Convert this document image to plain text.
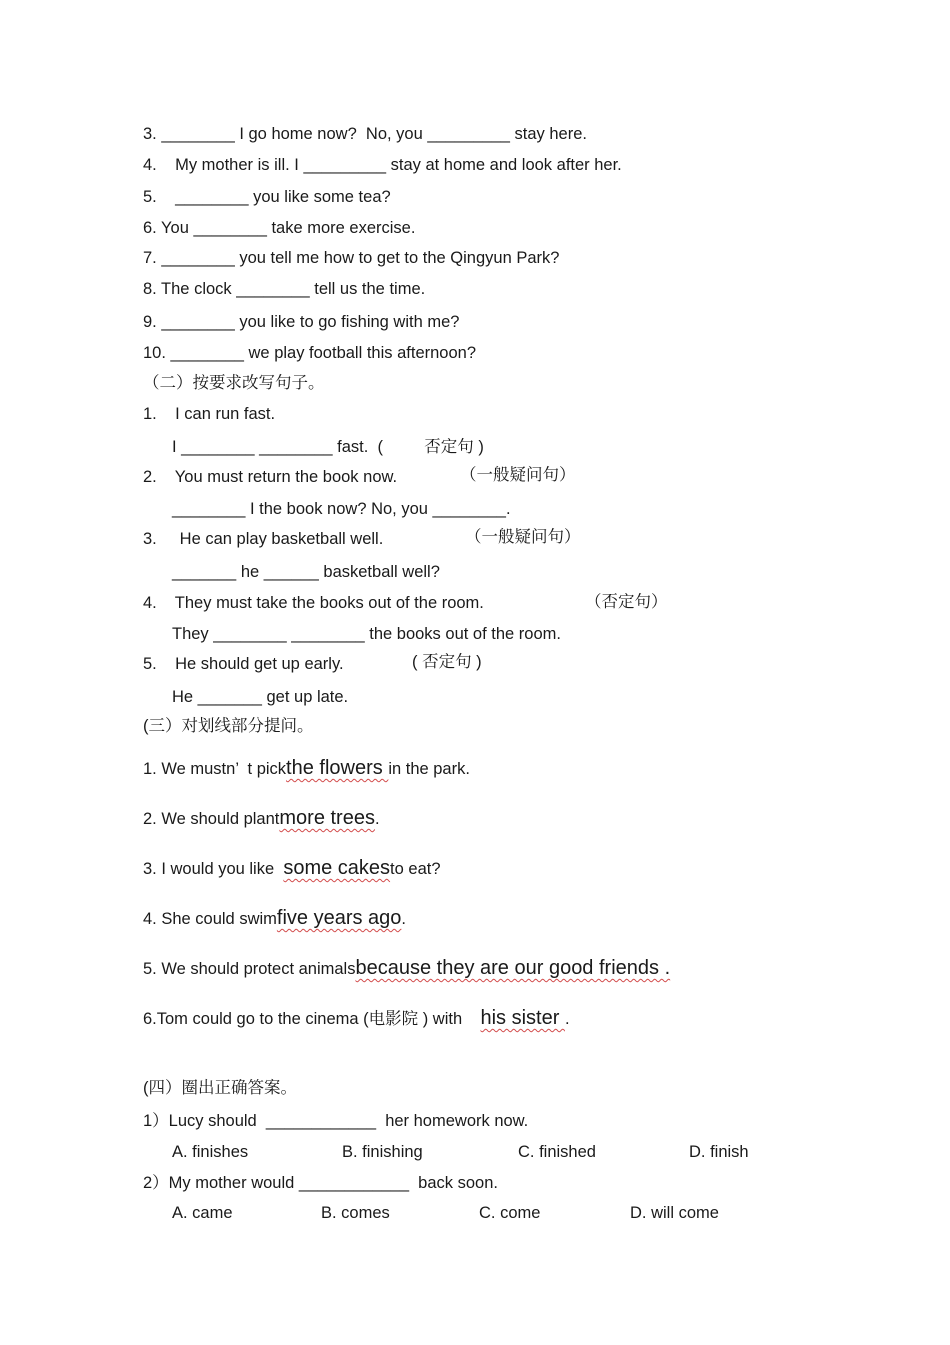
3. ________ I go home now?  No, you _________ stay here.
4.    My mother is ill. I _________ stay at home and look after her.
5.    ________ you like some tea?
6. You ________ take more exercise.
7. ________ you tell me how to get to the Qingyun Park?
8. The clock ________ tell us the time.
9. ________ you like to go fishing with me?
10. ________ we play football this afternoon?
（二）按要求改写句子。
1.    I can run fast.
I ________ ________ fast.  (         否定句 )
2.    You must return the book now.	（一般疑问句）
________ I the book now? No, you ________.
3.     He can play basketball well.	（一般疑问句）
_______ he ______ basketball well?
4.    They must take the books out of the room.	（否定句）
They ________ ________ the books out of the room.
5.    He should get up early.	( 否定句 )
He _______ get up late.
(三）对划线部分提问。
1. We mustn’  t pickthe flowers in the park.
2. We should plantmore trees.
3. I would you like  some cakesto eat?
4. She could swimfive years ago.
5. We should protect animalsbecause they are our good friends .
6.Tom could go to the cinema (电影院 ) with    his sister .
(四）圈出正确答案。
1）Lucy should  ____________  her homework now.
A. finishes	B. finishing	C. finished	D. finish
2）My mother would ____________  back soon.
A. came	B. comes	C. come	D. will come
